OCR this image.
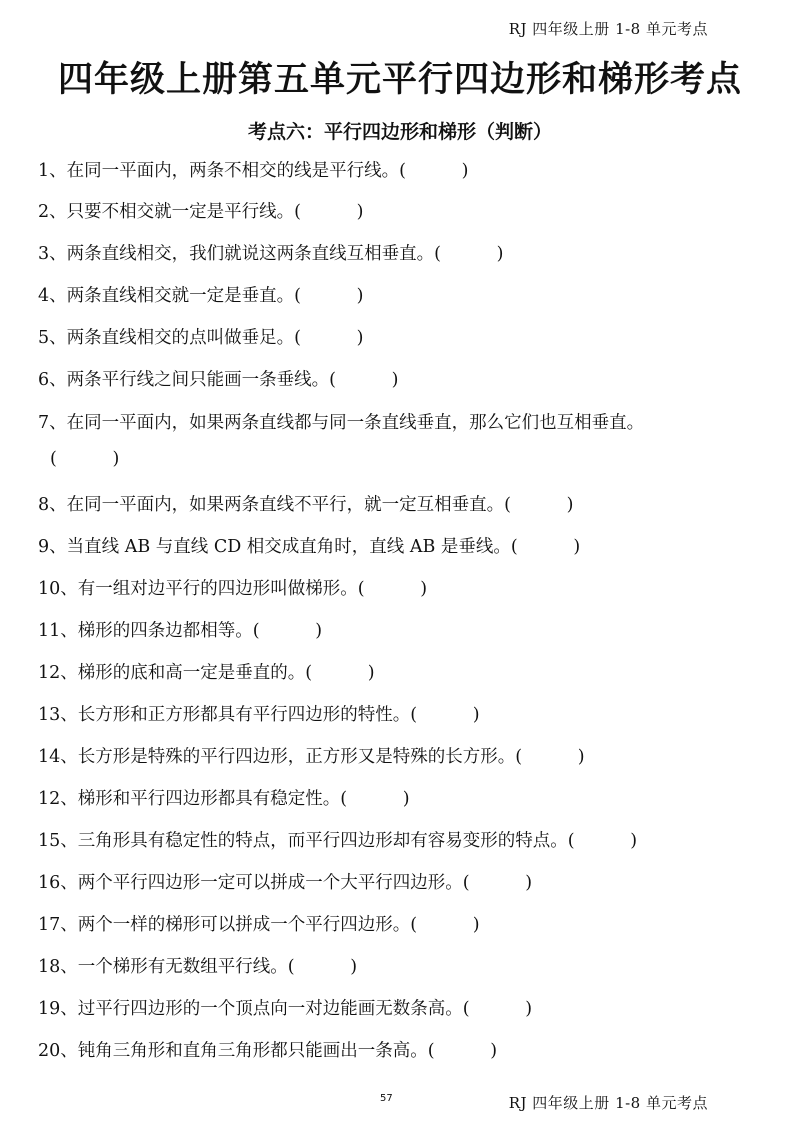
RJ 四年级上册 1-8 单元考点
四年级上册第五单元平行四边形和梯形考点
考点六：平行四边形和梯形（判断）
1、在同一平面内，两条不相交的线是平行线。(          )
2、只要不相交就一定是平行线。(          )
3、两条直线相交，我们就说这两条直线互相垂直。(          )
4、两条直线相交就一定是垂直。(          )
5、两条直线相交的点叫做垂足。(          )
6、两条平行线之间只能画一条垂线。(          )
7、在同一平面内，如果两条直线都与同一条直线垂直，那么它们也互相垂直。
(          )
8、在同一平面内，如果两条直线不平行，就一定互相垂直。(          )
9、当直线 AB 与直线 CD 相交成直角时，直线 AB 是垂线。(          )
10、有一组对边平行的四边形叫做梯形。(          )
11、梯形的四条边都相等。(          )
12、梯形的底和高一定是垂直的。(          )
13、长方形和正方形都具有平行四边形的特性。(          )
14、长方形是特殊的平行四边形，正方形又是特殊的长方形。(          )
12、梯形和平行四边形都具有稳定性。(          )
15、三角形具有稳定性的特点，而平行四边形却有容易变形的特点。(          )
16、两个平行四边形一定可以拼成一个大平行四边形。(          )
17、两个一样的梯形可以拼成一个平行四边形。(          )
18、一个梯形有无数组平行线。(          )
19、过平行四边形的一个顶点向一对边能画无数条高。(          )
20、钝角三角形和直角三角形都只能画出一条高。(          )
57	RJ 四年级上册 1-8 单元考点
